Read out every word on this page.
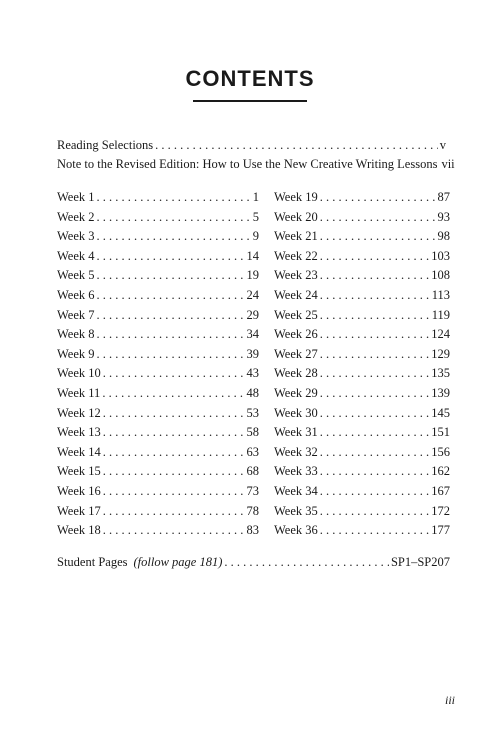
CONTENTS
Reading Selections . . .	v
Note to the Revised Edition: How to Use the New Creative Writing Lessons vii
Week 1 . . .	1
Week 2 . . .	5
Week 3 . . .	9
Week 4 . . .	14
Week 5 . . .	19
Week 6 . . .	24
Week 7 . . .	29
Week 8 . . .	34
Week 9 . . .	39
Week 10 . . .	43
Week 11 . . .	48
Week 12 . . .	53
Week 13 . . .	58
Week 14 . . .	63
Week 15 . . .	68
Week 16 . . .	73
Week 17 . . .	78
Week 18 . . .	83
Week 19 . . .	87
Week 20 . . .	93
Week 21 . . .	98
Week 22 . . .	103
Week 23 . . .	108
Week 24 . . .	113
Week 25 . . .	119
Week 26 . . .	124
Week 27 . . .	129
Week 28 . . .	135
Week 29 . . .	139
Week 30 . . .	145
Week 31 . . .	151
Week 32 . . .	156
Week 33 . . .	162
Week 34 . . .	167
Week 35 . . .	172
Week 36 . . .	177
Student Pages (follow page 181) . . .	SP1–SP207
iii
